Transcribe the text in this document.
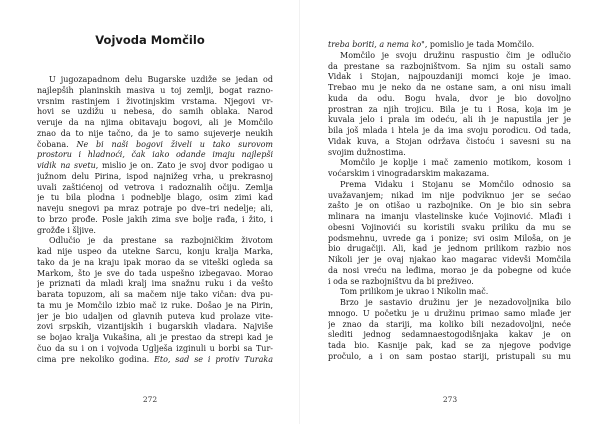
Vojvoda Momčilo
U jugozapadnom delu Bugarske uzdiže se jedan od
najlepših planinskih masiva u toj zemlji, bogat razno-
vrsnim rastinjem i životinjskim vrstama. Njegovi vr-
hovi se uzdižu u nebesa, do samih oblaka. Narod
veruje da na njima obitavaju bogovi, ali je Momčilo
znao da to nije tačno, da je to samo sujeverje neukih
čobana. Ne bi naši bogovi živeli u tako surovom
prostoru i hladnoći, čak iako odande imaju najlepši
vidik na svetu, mislio je on. Zato je svoj dvor podigao u
južnom delu Pirina, ispod najnižeg vrha, u prekrasnoj
uvali zaštićenoj od vetrova i radoznalih očiju. Zemlja
je tu bila plodna i podneblje blago, osim zimi kad
naveju snegovi pa mraz potraje po dve–tri nedelje; ali,
to brzo prođe. Posle jakih zima sve bolje rađa, i žito, i
grožđe i šljive.
Odlučio je da prestane sa razbojničkim životom
kad nije uspeo da utekne Šarcu, konju kralja Marka,
tako da je na kraju ipak morao da se viteški ogleda sa
Markom, što je sve do tada uspešno izbegavao. Morao
je priznati da mladi kralj ima snažnu ruku i da vešto
barata topuzom, ali sa mačem nije tako vičan: dva pu-
ta mu je Momčilo izbio mač iz ruke. Došao je na Pirin,
jer je bio udaljen od glavnih puteva kud prolaze vite-
zovi srpskih, vizantijskih i bugarskih vladara. Najviše
se bojao kralja Vukašina, ali je prestao da strepi kad je
čuo da su i on i vojvoda Uglješa izginuli u borbi sa Tur-
cima pre nekoliko godina. Eto, sad se i protiv Turaka
272
treba boriti, a nema ko", pomislio je tada Momčilo.
Momčilo je svoju družinu raspustio čim je odlučio
da prestane sa razbojništvom. Sa njim su ostali samo
Vidak i Stojan, najpouzdaniji momci koje je imao.
Trebao mu je neko da ne ostane sam, a oni nisu imali
kuda da odu. Bogu hvala, dvor je bio dovoljno
prostran za njih trojicu. Bila je tu i Rosa, koja im je
kuvala jelo i prala im odeću, ali ih je napustila jer je
bila još mlada i htela je da ima svoju porodicu. Od tada,
Vidak kuva, a Stojan održava čistoću i savesni su na
svojim dužnostima.
Momčilo je koplje i mač zamenio motikom, kosom i
voćarskim i vinogradarskim makazama.
Prema Vidaku i Stojanu se Momčilo odnosio sa
uvažavanjem; nikad im nije podviknuo jer se sećao
zašto je on otišao u razbojnike. On je bio sin sebra
mlinara na imanju vlastelinske kuće Vojinović. Mlađi i
obesni Vojinovići su koristili svaku priliku da mu se
podsmehnu, uvrede ga i ponize; svi osim Miloša, on je
bio drugačiji. Ali, kad je jednom prilikom razbio nos
Nikoli jer je ovaj njakao kao magarac videvši Momčila
da nosi vreću na leđima, morao je da pobegne od kuće
i oda se razbojništvu da bi preživeo.
Tom prilikom je ukrao i Nikolin mač.
Brzo je sastavio družinu jer je nezadovoljnika bilo
mnogo. U početku je u družinu primao samo mlađe jer
je znao da stariji, ma koliko bili nezadovoljni, neće
slediti jednog sedamnaestogodišnjaka kakav je on
tada bio. Kasnije pak, kad se za njegove podvige
pročulo, a i on sam postao stariji, pristupali su mu
273
